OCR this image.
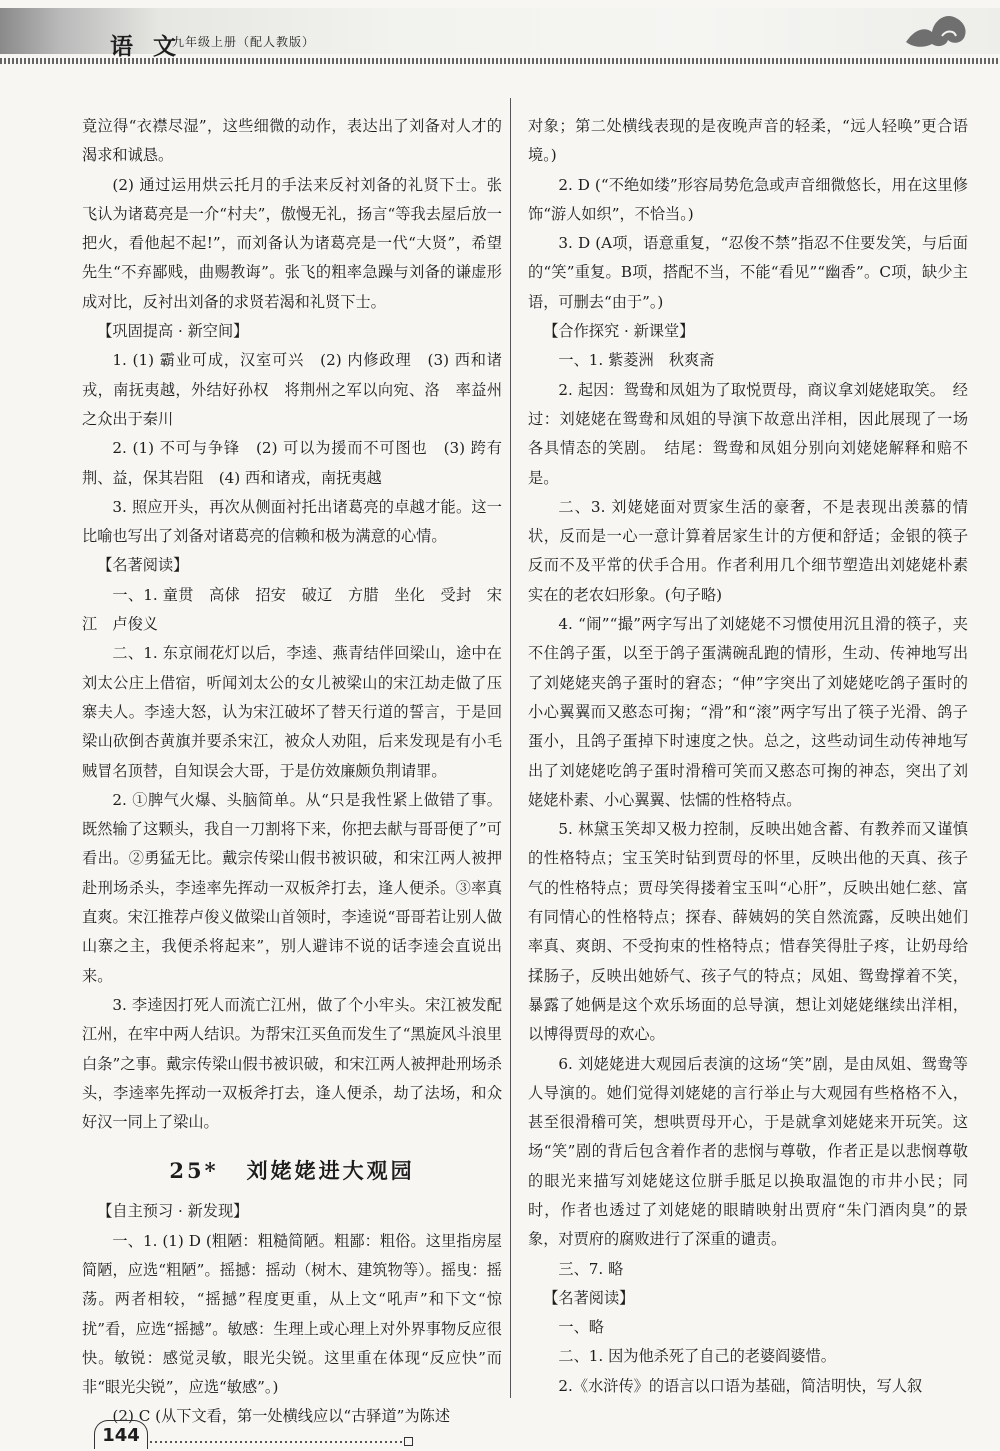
语 文
九年级上册（配人教版）

竟泣得“衣襟尽湿”，这些细微的动作，表达出了刘备对人才的渴求和诚恳。

(2) 通过运用烘云托月的手法来反衬刘备的礼贤下士。张飞认为诸葛亮是一介“村夫”，傲慢无礼，扬言“等我去屋后放一把火，看他起不起!”，而刘备认为诸葛亮是一代“大贤”，希望先生“不弃鄙贱，曲赐教诲”。张飞的粗率急躁与刘备的谦虚形成对比，反衬出刘备的求贤若渴和礼贤下士。

【巩固提高 · 新空间】

1. (1) 霸业可成，汉室可兴　(2) 内修政理　(3) 西和诸戎，南抚夷越，外结好孙权　将荆州之军以向宛、洛　率益州之众出于秦川

2. (1) 不可与争锋　(2) 可以为援而不可图也　(3) 跨有荆、益，保其岩阻　(4) 西和诸戎，南抚夷越

3. 照应开头，再次从侧面衬托出诸葛亮的卓越才能。这一比喻也写出了刘备对诸葛亮的信赖和极为满意的心情。

【名著阅读】

一、1. 童贯　高俅　招安　破辽　方腊　坐化　受封　宋江　卢俊义

二、1. 东京闹花灯以后，李逵、燕青结伴回梁山，途中在刘太公庄上借宿，听闻刘太公的女儿被梁山的宋江劫走做了压寨夫人。李逵大怒，认为宋江破坏了替天行道的誓言，于是回梁山砍倒杏黄旗并要杀宋江，被众人劝阻，后来发现是有小毛贼冒名顶替，自知误会大哥，于是仿效廉颇负荆请罪。

2. ①脾气火爆、头脑简单。从“只是我性紧上做错了事。既然输了这颗头，我自一刀割将下来，你把去献与哥哥便了”可看出。②勇猛无比。戴宗传梁山假书被识破，和宋江两人被押赴刑场杀头，李逵率先挥动一双板斧打去，逢人便杀。③率真直爽。宋江推荐卢俊义做梁山首领时，李逵说“哥哥若让别人做山寨之主，我便杀将起来”，别人避讳不说的话李逵会直说出来。

3. 李逵因打死人而流亡江州，做了个小牢头。宋江被发配江州，在牢中两人结识。为帮宋江买鱼而发生了“黑旋风斗浪里白条”之事。戴宗传梁山假书被识破，和宋江两人被押赴刑场杀头，李逵率先挥动一双板斧打去，逢人便杀，劫了法场，和众好汉一同上了梁山。

25* 刘姥姥进大观园

【自主预习 · 新发现】

一、1. (1) D (粗陋：粗糙简陋。粗鄙：粗俗。这里指房屋简陋，应选“粗陋”。摇撼：摇动（树木、建筑物等）。摇曳：摇荡。两者相较，“摇撼”程度更重，从上文“吼声”和下文“惊扰”看，应选“摇撼”。敏感：生理上或心理上对外界事物反应很快。敏锐：感觉灵敏，眼光尖锐。这里重在体现“反应快”而非“眼光尖锐”，应选“敏感”。)

(2) C (从下文看，第一处横线应以“古驿道”为陈述

对象；第二处横线表现的是夜晚声音的轻柔，“远人轻唤”更合语境。)

2. D (“不绝如缕”形容局势危急或声音细微悠长，用在这里修饰“游人如织”，不恰当。)

3. D (A项，语意重复，“忍俊不禁”指忍不住要发笑，与后面的“笑”重复。B项，搭配不当，不能“看见”“幽香”。C项，缺少主语，可删去“由于”。)

【合作探究 · 新课堂】

一、1. 紫菱洲　秋爽斋

2. 起因：鸳鸯和凤姐为了取悦贾母，商议拿刘姥姥取笑。　经过：刘姥姥在鸳鸯和凤姐的导演下故意出洋相，因此展现了一场各具情态的笑剧。　结尾：鸳鸯和凤姐分别向刘姥姥解释和赔不是。

二、3. 刘姥姥面对贾家生活的豪奢，不是表现出羡慕的情状，反而是一心一意计算着居家生计的方便和舒适；金银的筷子反而不及平常的伏手合用。作者利用几个细节塑造出刘姥姥朴素实在的老农妇形象。(句子略)

4. “闹”“撮”两字写出了刘姥姥不习惯使用沉且滑的筷子，夹不住鸽子蛋，以至于鸽子蛋满碗乱跑的情形，生动、传神地写出了刘姥姥夹鸽子蛋时的窘态；“伸”字突出了刘姥姥吃鸽子蛋时的小心翼翼而又憨态可掬；“滑”和“滚”两字写出了筷子光滑、鸽子蛋小，且鸽子蛋掉下时速度之快。总之，这些动词生动传神地写出了刘姥姥吃鸽子蛋时滑稽可笑而又憨态可掬的神态，突出了刘姥姥朴素、小心翼翼、怯懦的性格特点。

5. 林黛玉笑却又极力控制，反映出她含蓄、有教养而又谨慎的性格特点；宝玉笑时钻到贾母的怀里，反映出他的天真、孩子气的性格特点；贾母笑得搂着宝玉叫“心肝”，反映出她仁慈、富有同情心的性格特点；探春、薛姨妈的笑自然流露，反映出她们率真、爽朗、不受拘束的性格特点；惜春笑得肚子疼，让奶母给揉肠子，反映出她娇气、孩子气的特点；凤姐、鸳鸯撑着不笑，暴露了她俩是这个欢乐场面的总导演，想让刘姥姥继续出洋相，以博得贾母的欢心。

6. 刘姥姥进大观园后表演的这场“笑”剧，是由凤姐、鸳鸯等人导演的。她们觉得刘姥姥的言行举止与大观园有些格格不入，甚至很滑稽可笑，想哄贾母开心，于是就拿刘姥姥来开玩笑。这场“笑”剧的背后包含着作者的悲悯与尊敬，作者正是以悲悯尊敬的眼光来描写刘姥姥这位胼手胝足以换取温饱的市井小民；同时，作者也透过了刘姥姥的眼睛映射出贾府“朱门酒肉臭”的景象，对贾府的腐败进行了深重的谴责。

三、7. 略

【名著阅读】

一、略

二、1. 因为他杀死了自己的老婆阎婆惜。

2.《水浒传》的语言以口语为基础，简洁明快，写人叙

144
